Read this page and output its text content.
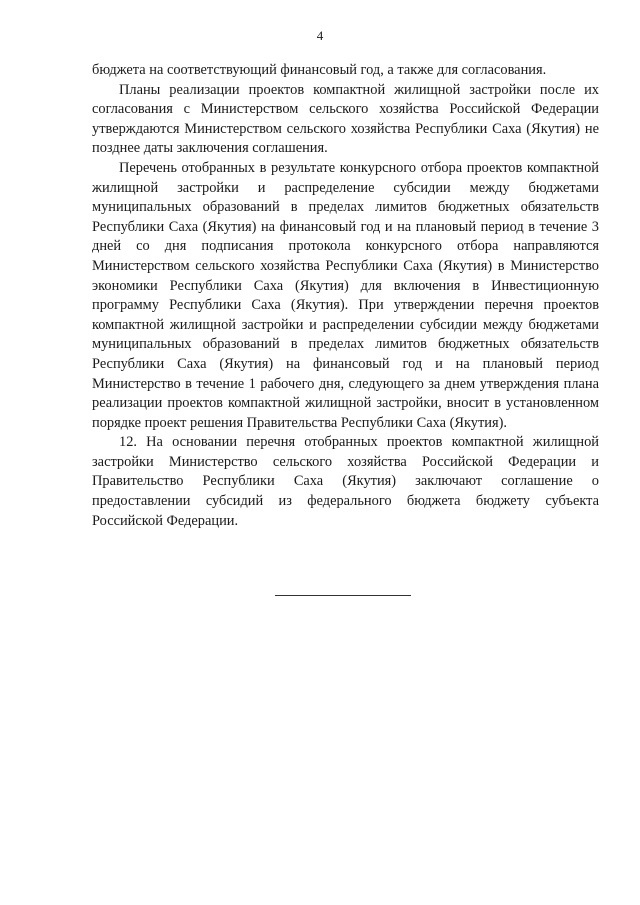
4

бюджета на соответствующий финансовый год, а также для согласования.

Планы реализации проектов компактной жилищной застройки после их согласования с Министерством сельского хозяйства Российской Федерации утверждаются Министерством сельского хозяйства Республики Саха (Якутия) не позднее даты заключения соглашения.

Перечень отобранных в результате конкурсного отбора проектов компактной жилищной застройки и распределение субсидии между бюджетами муниципальных образований в пределах лимитов бюджетных обязательств Республики Саха (Якутия) на финансовый год и на плановый период в течение 3 дней со дня подписания протокола конкурсного отбора направляются Министерством сельского хозяйства Республики Саха (Якутия) в Министерство экономики Республики Саха (Якутия) для включения в Инвестиционную программу Республики Саха (Якутия). При утверждении перечня проектов компактной жилищной застройки и распределении субсидии между бюджетами муниципальных образований в пределах лимитов бюджетных обязательств Республики Саха (Якутия) на финансовый год и на плановый период Министерство в течение 1 рабочего дня, следующего за днем утверждения плана реализации проектов компактной жилищной застройки, вносит в установленном порядке проект решения Правительства Республики Саха (Якутия).

12. На основании перечня отобранных проектов компактной жилищной застройки Министерство сельского хозяйства Российской Федерации и Правительство Республики Саха (Якутия) заключают соглашение о предоставлении субсидий из федерального бюджета бюджету субъекта Российской Федерации.
